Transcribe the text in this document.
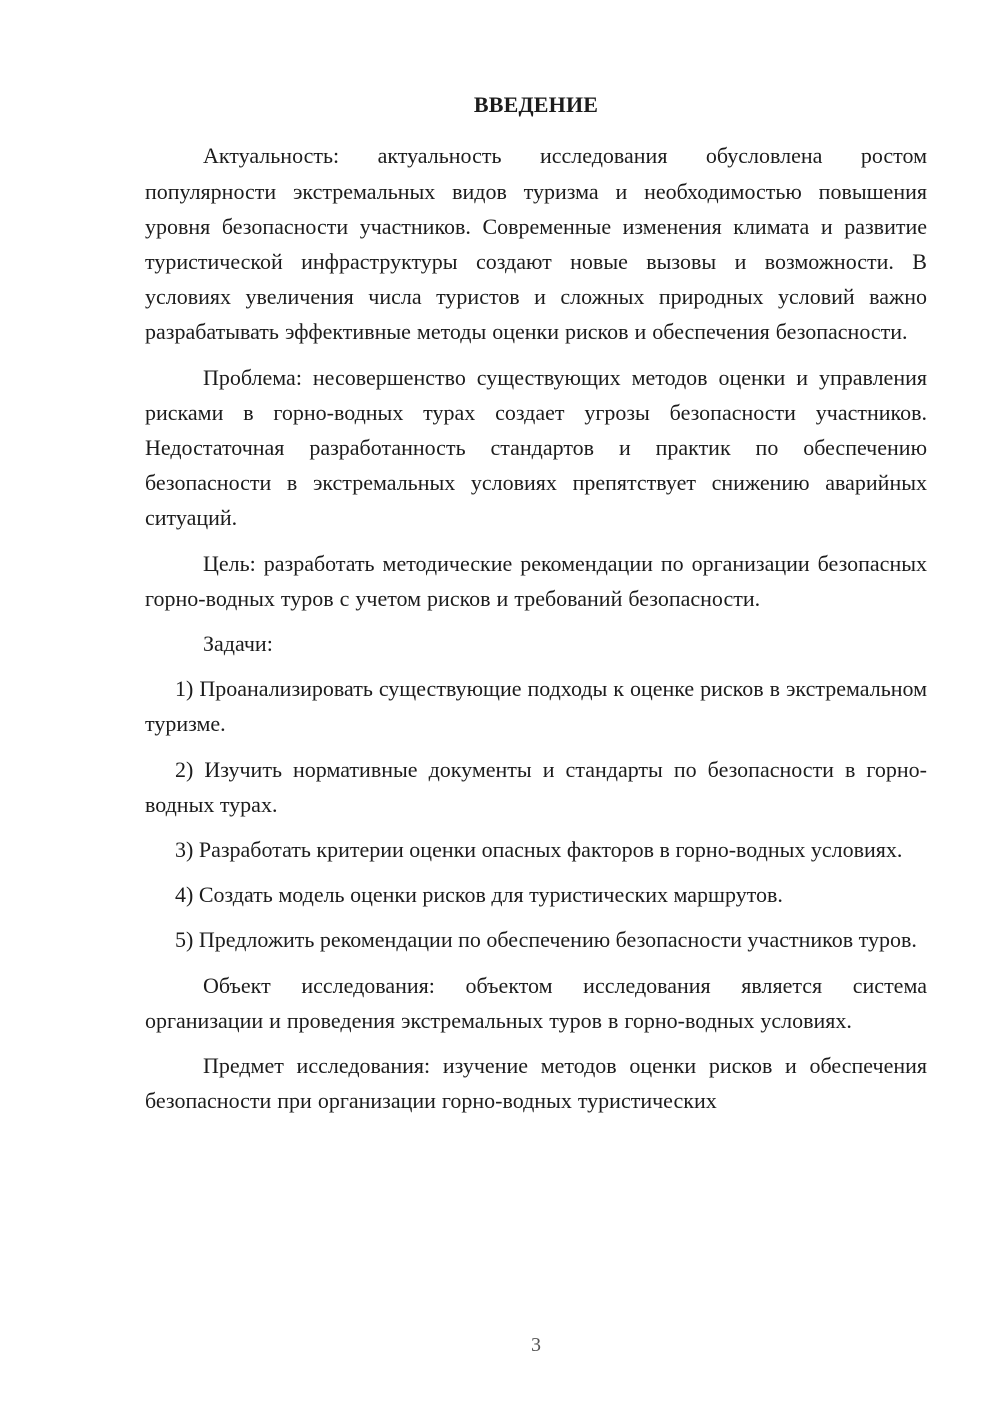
ВВЕДЕНИЕ

Актуальность: актуальность исследования обусловлена ростом популярности экстремальных видов туризма и необходимостью повышения уровня безопасности участников. Современные изменения климата и развитие туристической инфраструктуры создают новые вызовы и возможности. В условиях увеличения числа туристов и сложных природных условий важно разрабатывать эффективные методы оценки рисков и обеспечения безопасности.

Проблема: несовершенство существующих методов оценки и управления рисками в горно-водных турах создает угрозы безопасности участников. Недостаточная разработанность стандартов и практик по обеспечению безопасности в экстремальных условиях препятствует снижению аварийных ситуаций.

Цель: разработать методические рекомендации по организации безопасных горно-водных туров с учетом рисков и требований безопасности.

Задачи:

1) Проанализировать существующие подходы к оценке рисков в экстремальном туризме.

2) Изучить нормативные документы и стандарты по безопасности в горно-водных турах.

3) Разработать критерии оценки опасных факторов в горно-водных условиях.

4) Создать модель оценки рисков для туристических маршрутов.

5) Предложить рекомендации по обеспечению безопасности участников туров.

Объект исследования: объектом исследования является система организации и проведения экстремальных туров в горно-водных условиях.

Предмет исследования: изучение методов оценки рисков и обеспечения безопасности при организации горно-водных туристических

3
